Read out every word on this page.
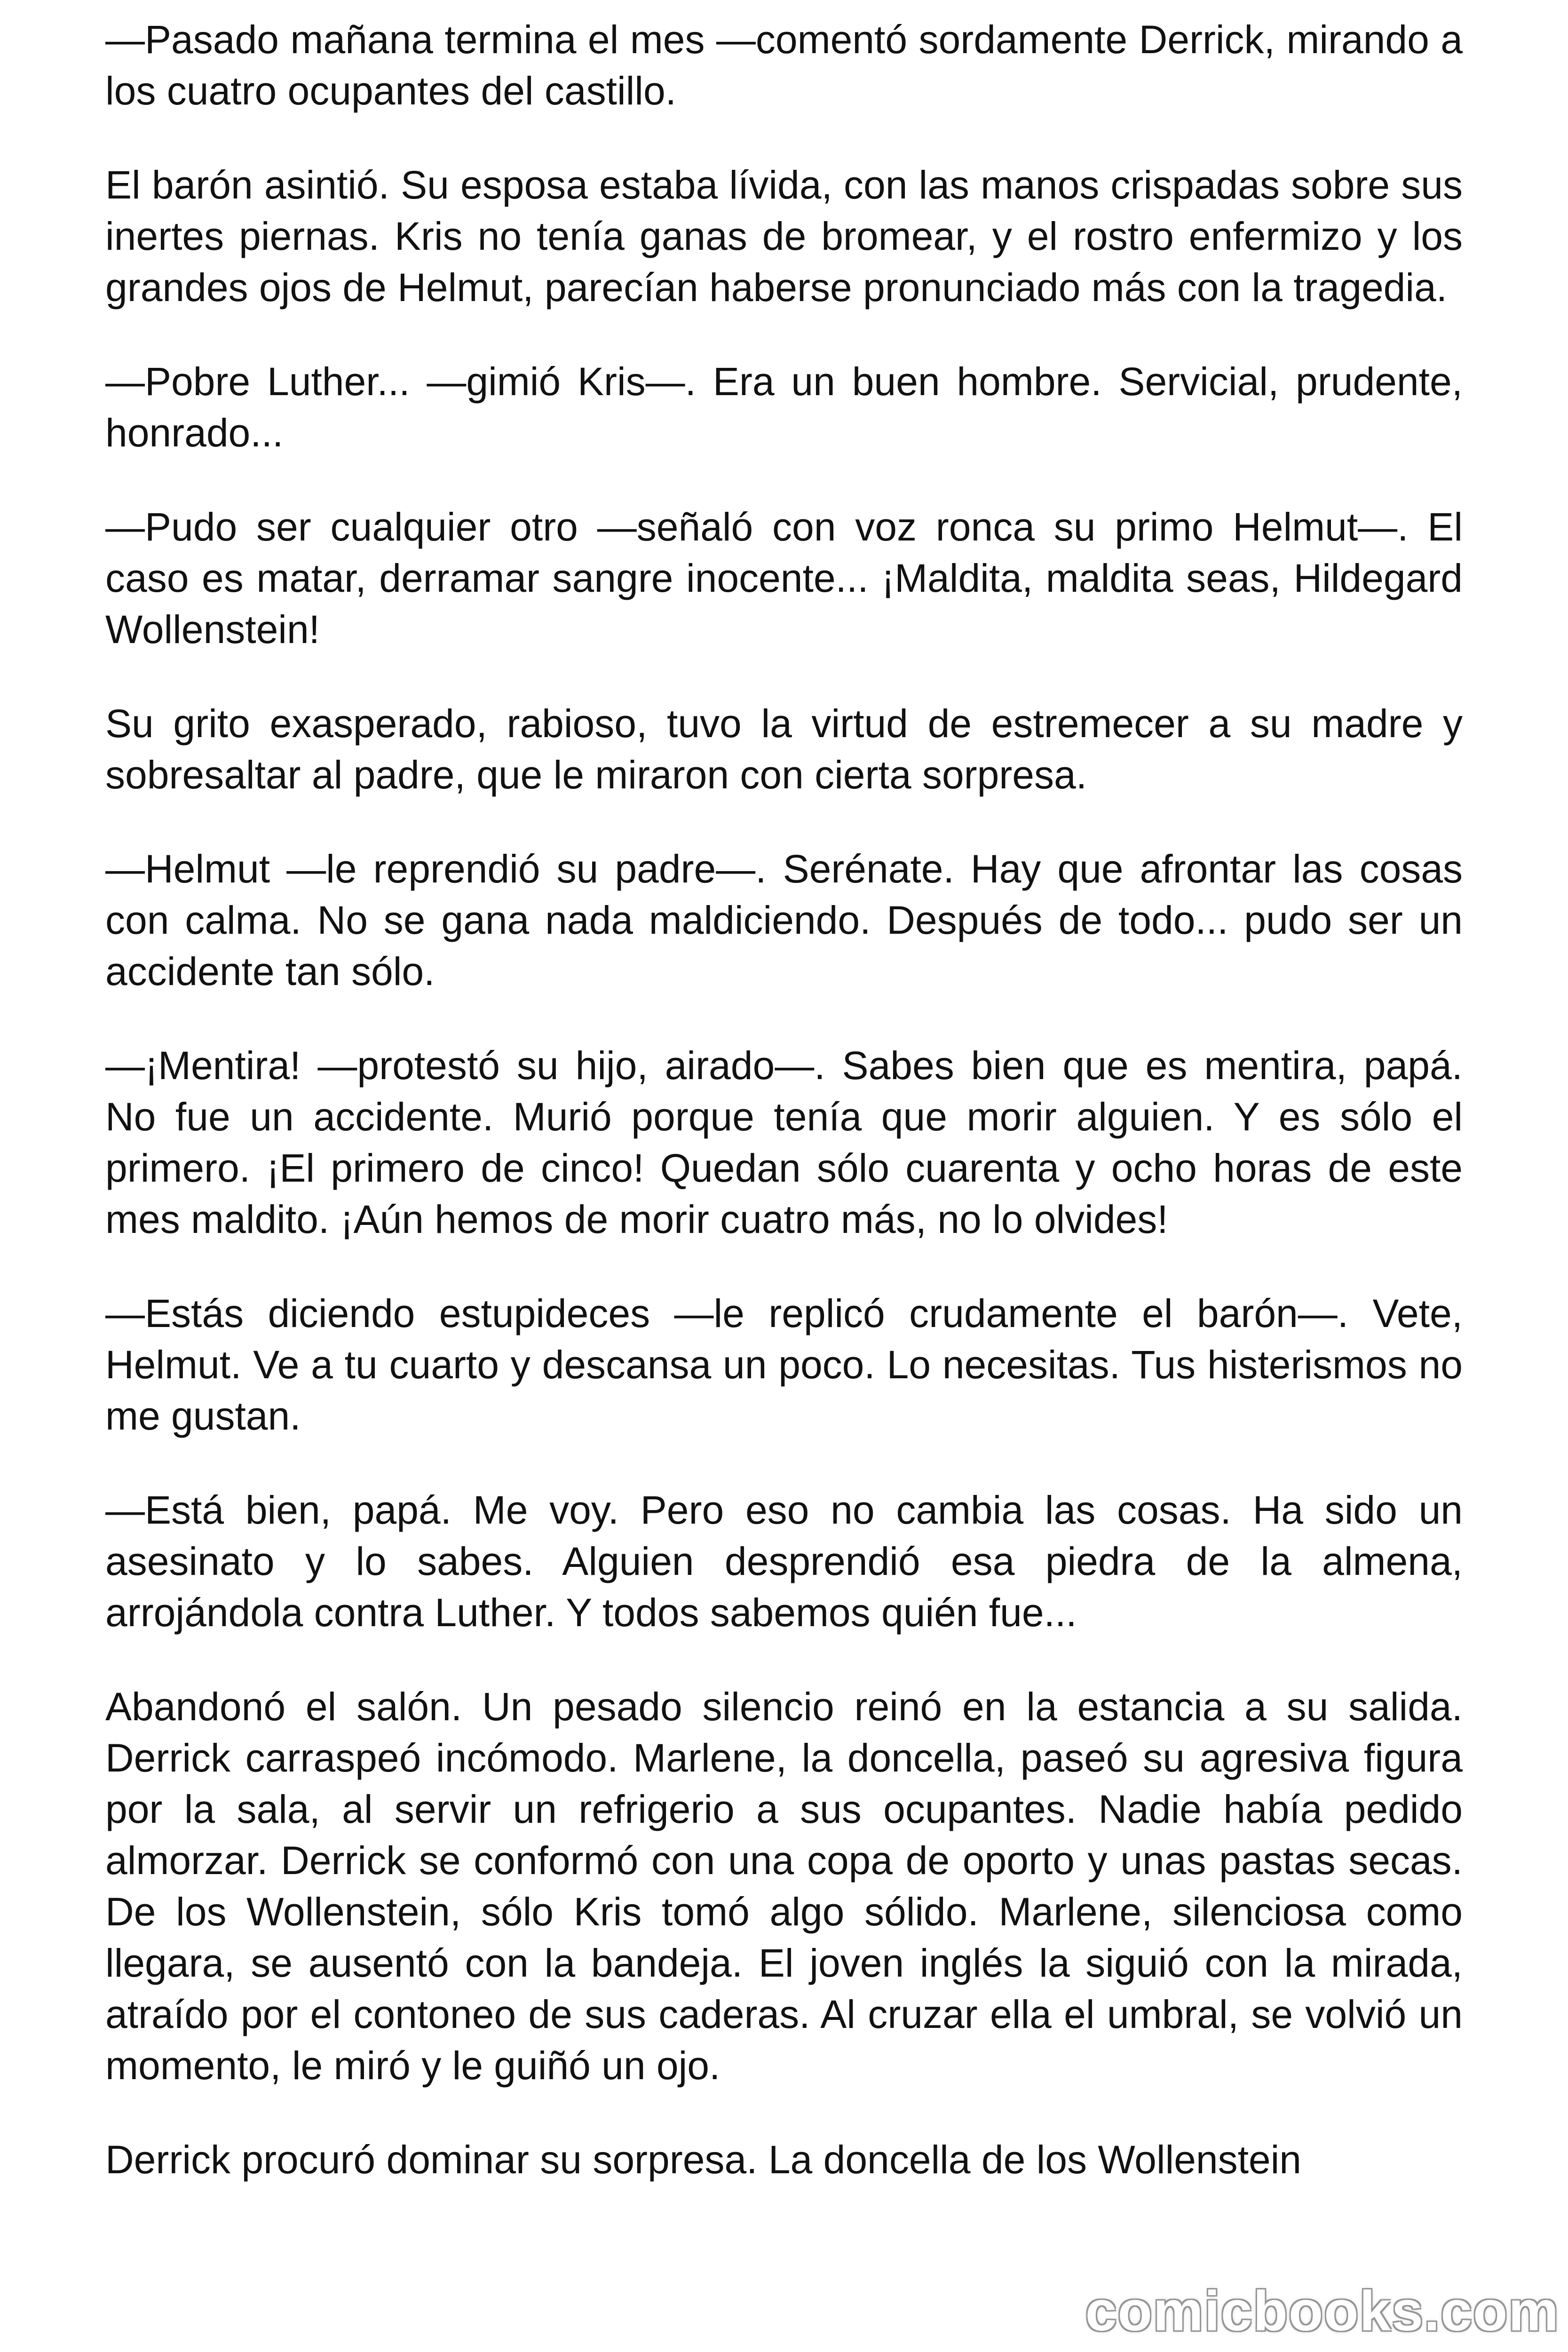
—Pasado mañana termina el mes —comentó sordamente Derrick, mirando a los cuatro ocupantes del castillo.

El barón asintió. Su esposa estaba lívida, con las manos crispadas sobre sus inertes piernas. Kris no tenía ganas de bromear, y el rostro enfermizo y los grandes ojos de Helmut, parecían haberse pronunciado más con la tragedia.

—Pobre Luther... —gimió Kris—. Era un buen hombre. Servicial, prudente, honrado...

—Pudo ser cualquier otro —señaló con voz ronca su primo Helmut—. El caso es matar, derramar sangre inocente... ¡Maldita, maldita seas, Hildegard Wollenstein!

Su grito exasperado, rabioso, tuvo la virtud de estremecer a su madre y sobresaltar al padre, que le miraron con cierta sorpresa.

—Helmut —le reprendió su padre—. Serénate. Hay que afrontar las cosas con calma. No se gana nada maldiciendo. Después de todo... pudo ser un accidente tan sólo.

—¡Mentira! —protestó su hijo, airado—. Sabes bien que es mentira, papá. No fue un accidente. Murió porque tenía que morir alguien. Y es sólo el primero. ¡El primero de cinco! Quedan sólo cuarenta y ocho horas de este mes maldito. ¡Aún hemos de morir cuatro más, no lo olvides!

—Estás diciendo estupideces —le replicó crudamente el barón—. Vete, Helmut. Ve a tu cuarto y descansa un poco. Lo necesitas. Tus histerismos no me gustan.

—Está bien, papá. Me voy. Pero eso no cambia las cosas. Ha sido un asesinato y lo sabes. Alguien desprendió esa piedra de la almena, arrojándola contra Luther. Y todos sabemos quién fue...

Abandonó el salón. Un pesado silencio reinó en la estancia a su salida. Derrick carraspeó incómodo. Marlene, la doncella, paseó su agresiva figura por la sala, al servir un refrigerio a sus ocupantes. Nadie había pedido almorzar. Derrick se conformó con una copa de oporto y unas pastas secas. De los Wollenstein, sólo Kris tomó algo sólido. Marlene, silenciosa como llegara, se ausentó con la bandeja. El joven inglés la siguió con la mirada, atraído por el contoneo de sus caderas. Al cruzar ella el umbral, se volvió un momento, le miró y le guiñó un ojo.

Derrick procuró dominar su sorpresa. La doncella de los Wollenstein

comicbooks.com
